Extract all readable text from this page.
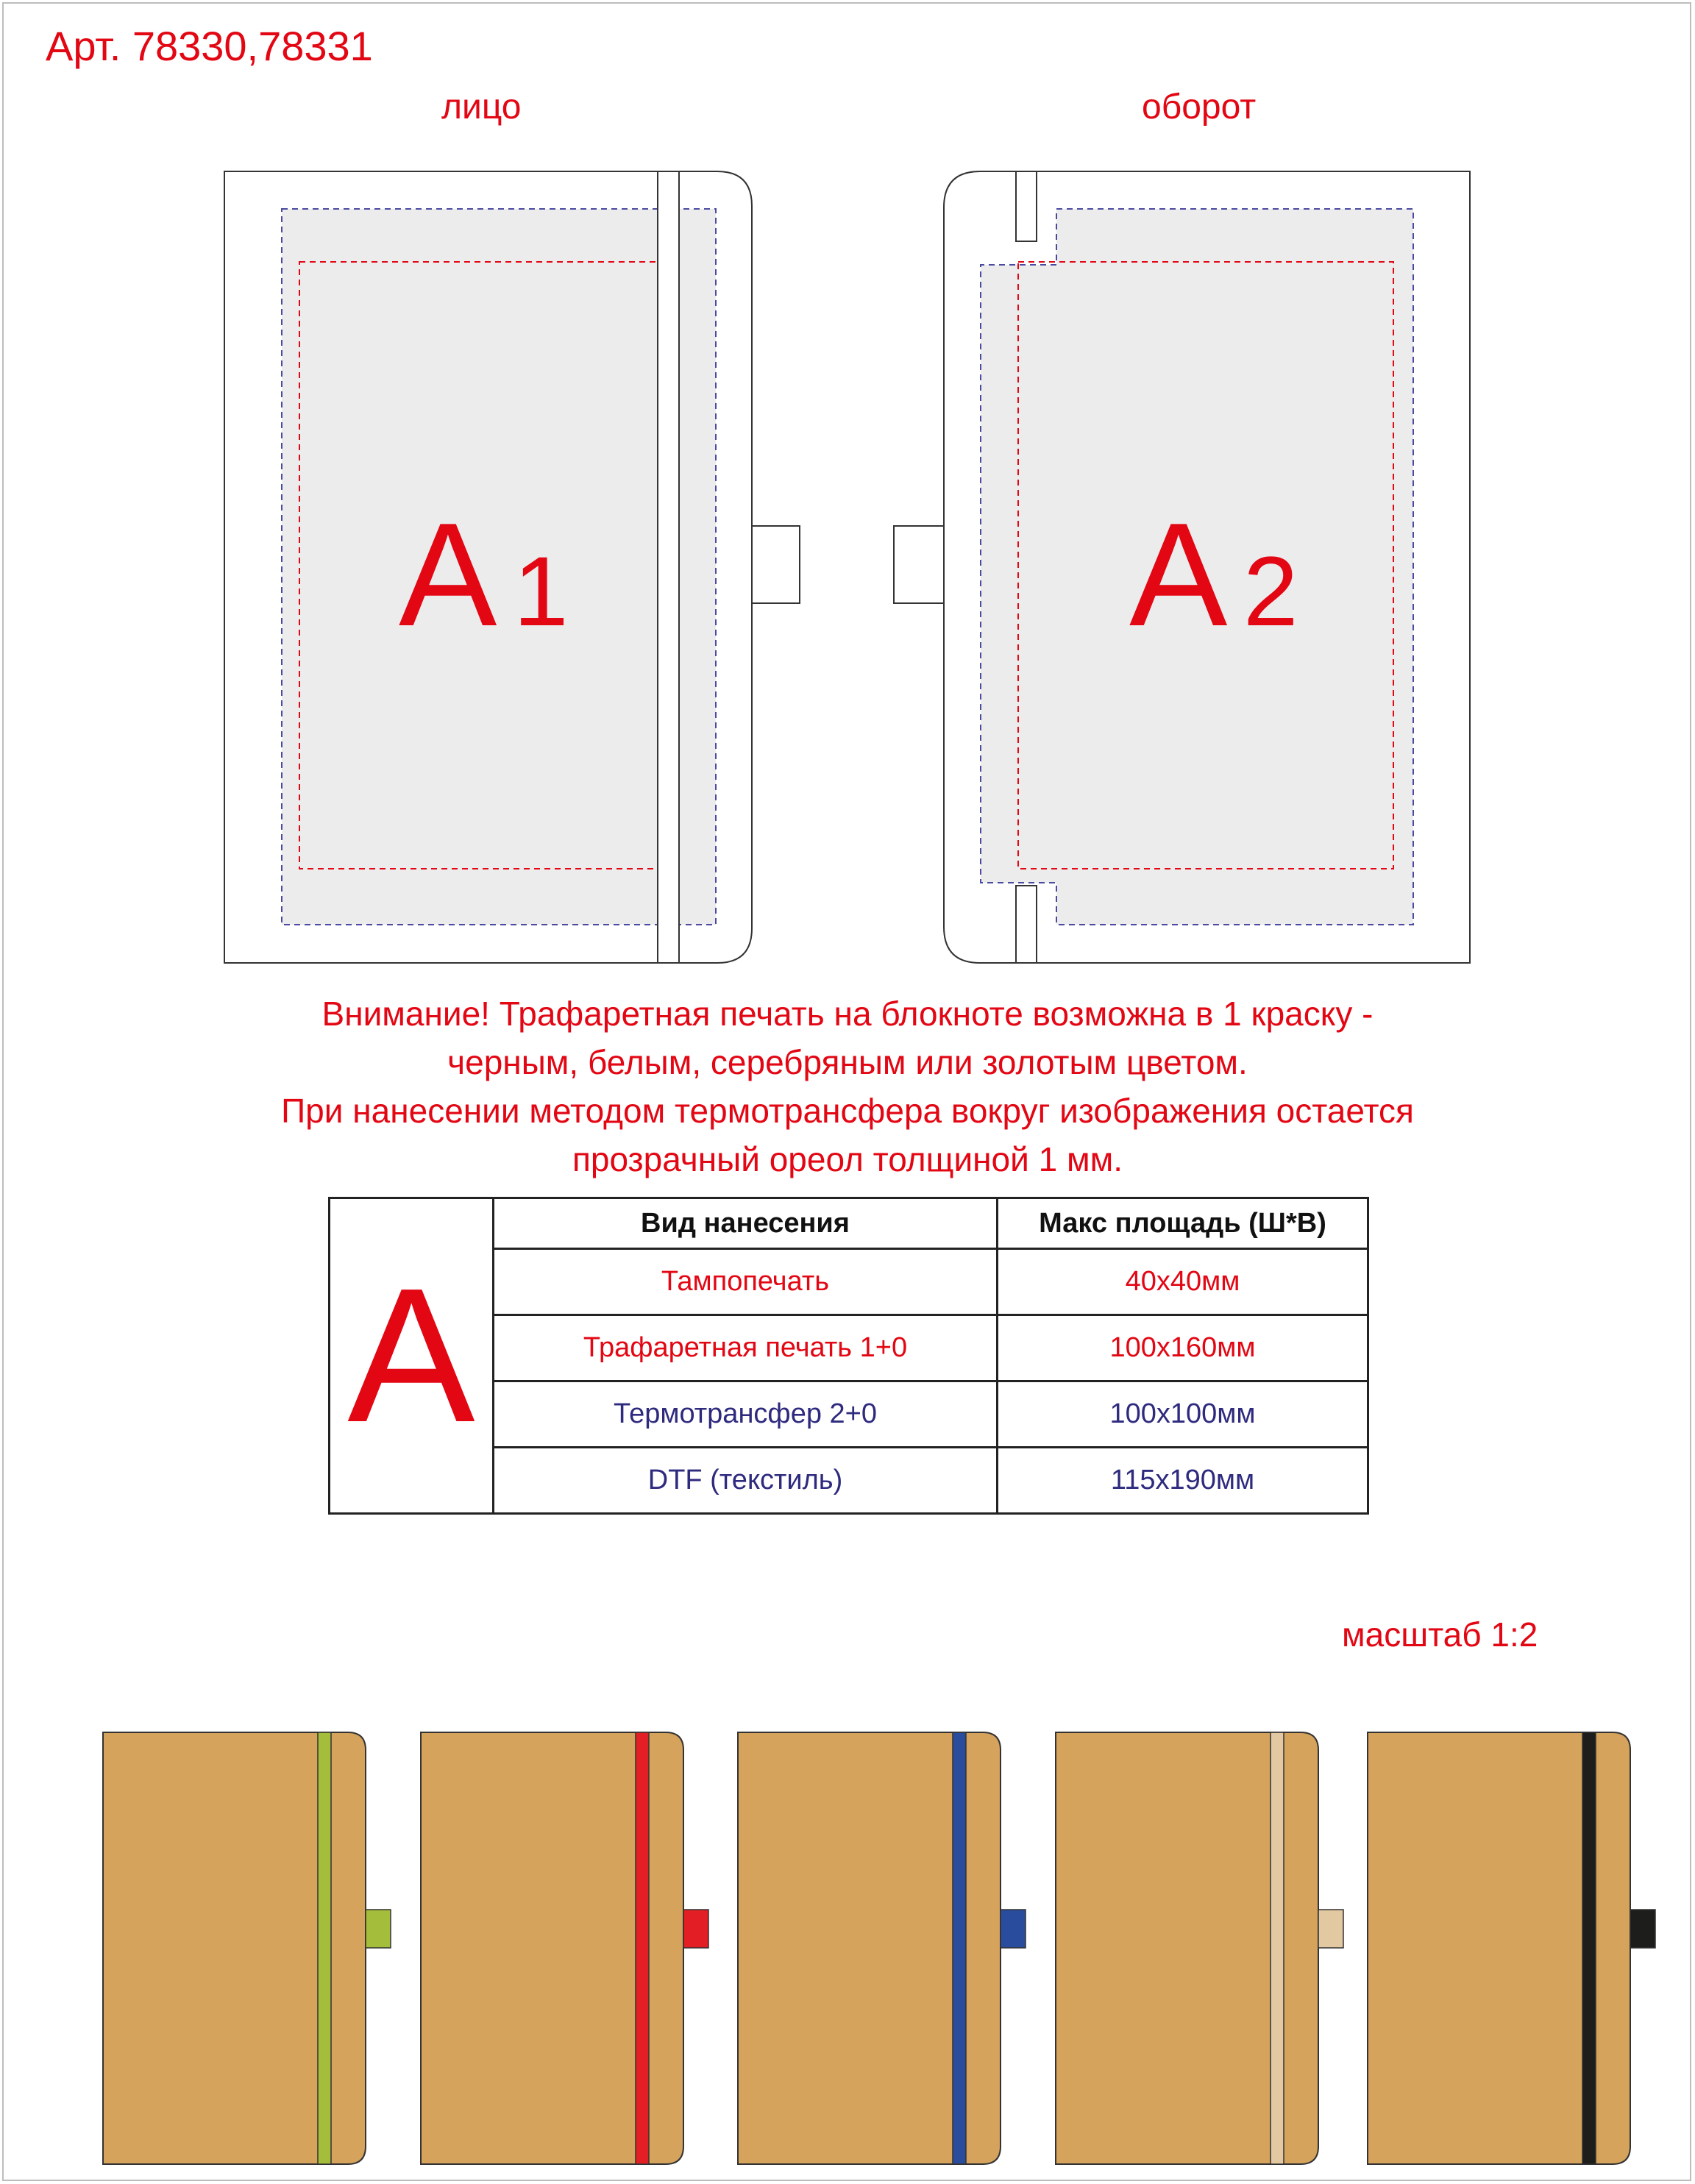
Арт. 78330,78331
лицо	оборот
A 1	A 2
Внимание! Трафаретная печать на блокноте возможна в 1 краску -
черным, белым, серебряным или золотым цветом.
При нанесении методом термотрансфера вокруг изображения остается
прозрачный ореол толщиной 1 мм.
A	Вид нанесения	Макс площадь (Ш*В)
	Тампопечать	40x40мм
	Трафаретная печать 1+0	100x160мм
	Термотрансфер 2+0	100x100мм
	DTF (текстиль)	115x190мм
масштаб 1:2
